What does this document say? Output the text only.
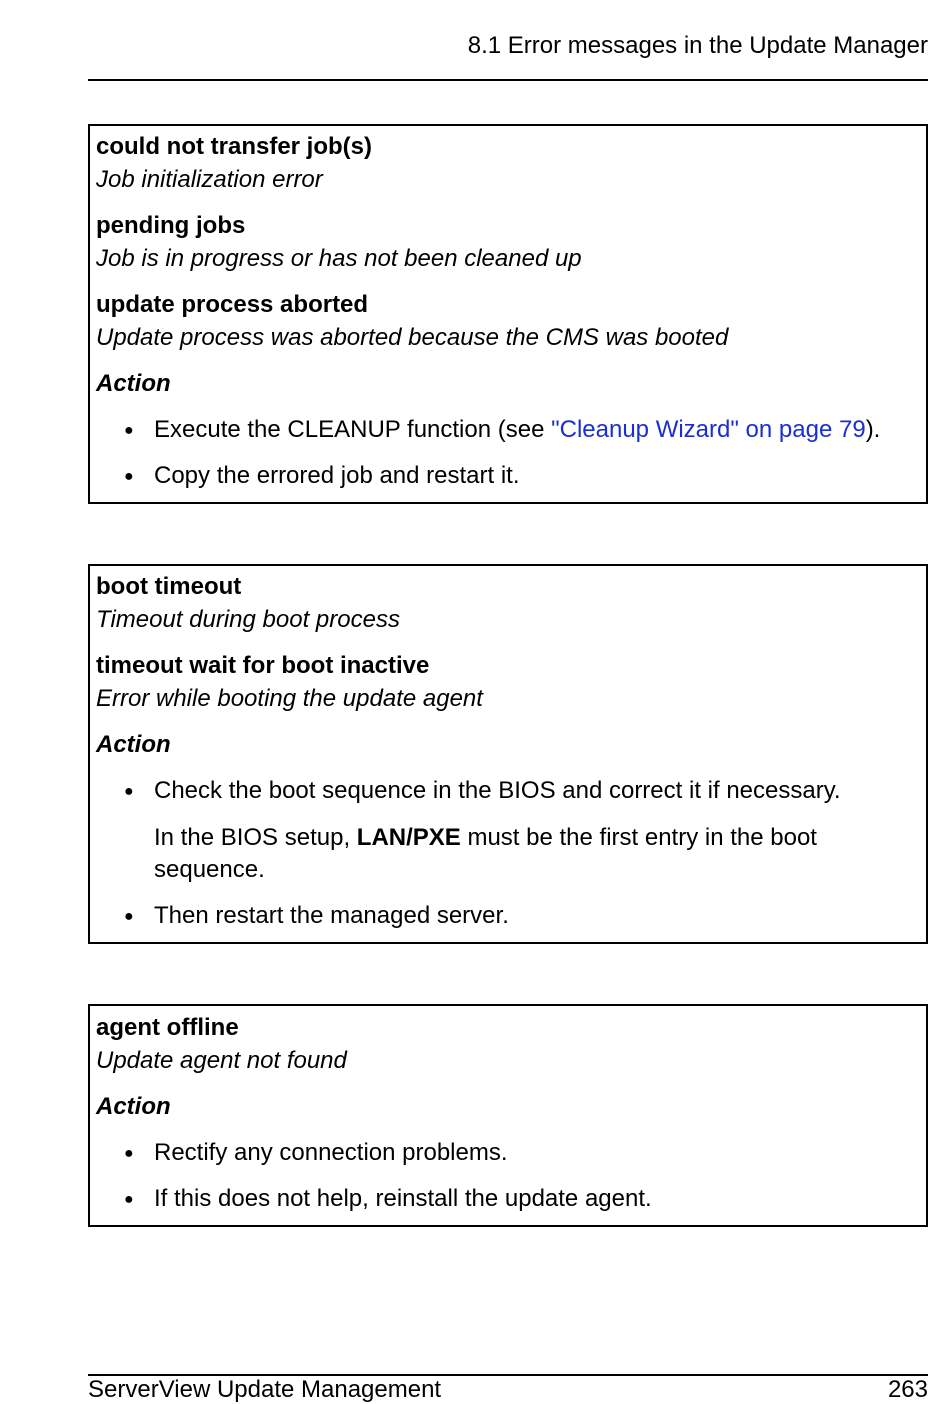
8.1 Error messages in the Update Manager
could not transfer job(s)
Job initialization error
pending jobs
Job is in progress or has not been cleaned up
update process aborted
Update process was aborted because the CMS was booted
Action
● Execute the CLEANUP function (see "Cleanup Wizard" on page 79).
● Copy the errored job and restart it.
boot timeout
Timeout during boot process
timeout wait for boot inactive
Error while booting the update agent
Action
● Check the boot sequence in the BIOS and correct it if necessary.
In the BIOS setup, LAN/PXE must be the first entry in the boot sequence.
● Then restart the managed server.
agent offline
Update agent not found
Action
● Rectify any connection problems.
● If this does not help, reinstall the update agent.
ServerView Update Management	263
